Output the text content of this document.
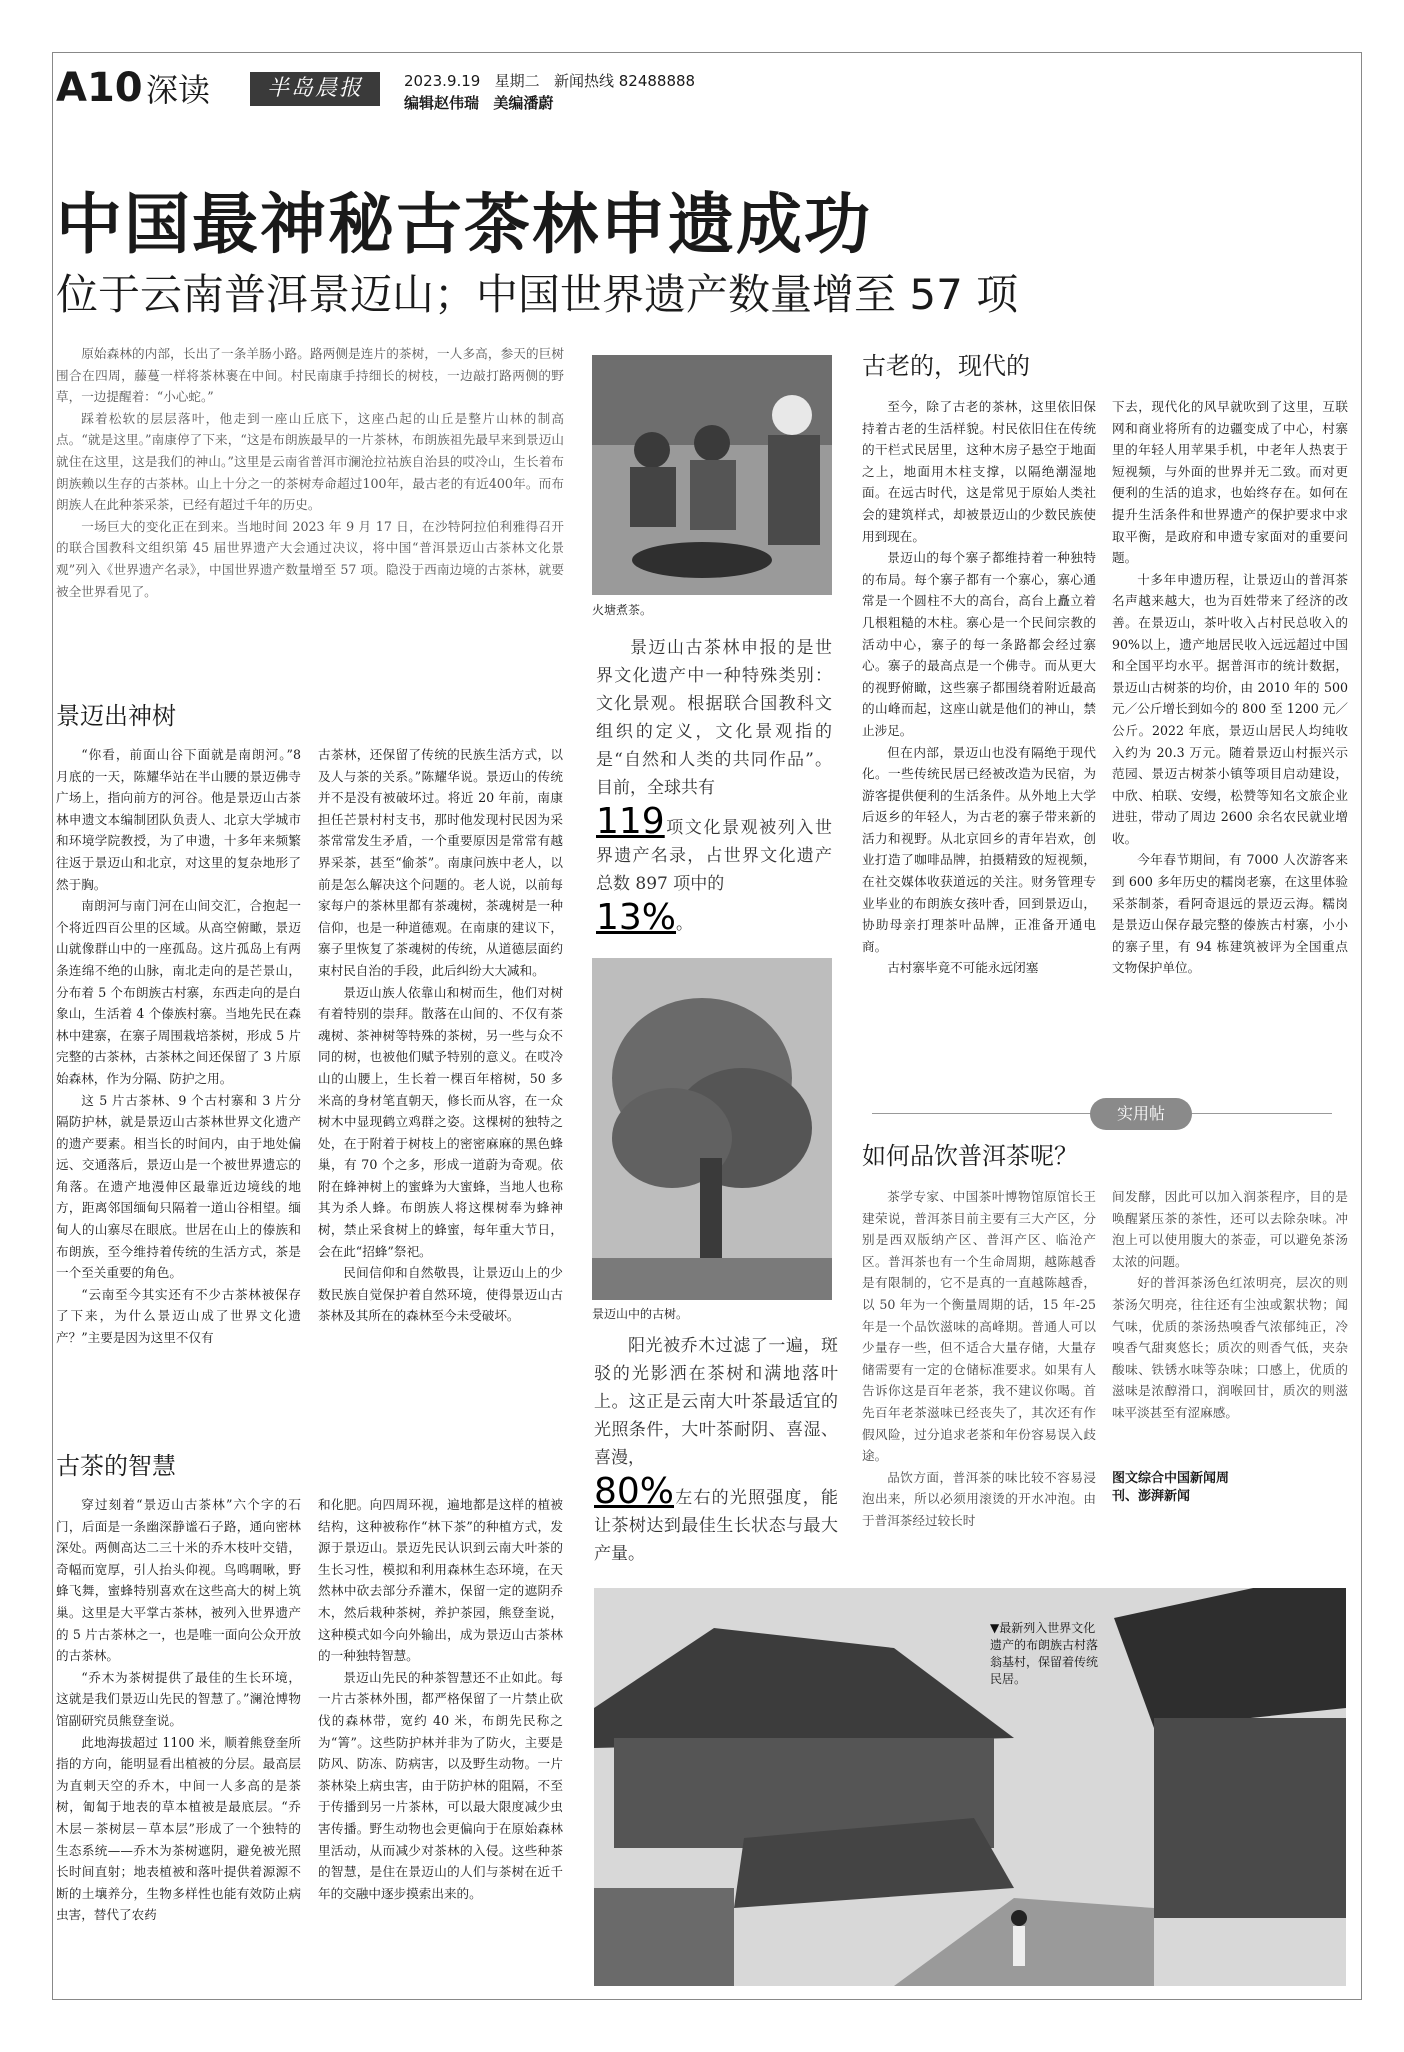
A10 深读	半岛晨报	2023.9.19 星期二 新闻热线 82488888
编辑赵伟瑞 美编潘蔚
中国最神秘古茶林申遗成功
位于云南普洱景迈山；中国世界遗产数量增至 57 项

原始森林的内部，长出了一条羊肠小路。路两侧是连片的茶树，一人多高，参天的巨树围合在四周，藤蔓一样将茶林裹在中间。村民南康手持细长的树枝，一边敲打路两侧的野草，一边提醒着：“小心蛇。”

踩着松软的层层落叶，他走到一座山丘底下，这座凸起的山丘是整片山林的制高点。“就是这里。”南康停了下来，“这是布朗族最早的一片茶林，布朗族祖先最早来到景迈山就住在这里，这是我们的神山。”这里是云南省普洱市澜沧拉祜族自治县的哎冷山，生长着布朗族赖以生存的古茶林。山上十分之一的茶树寿命超过100年，最古老的有近400年。而布朗族人在此种茶采茶，已经有超过千年的历史。

一场巨大的变化正在到来。当地时间 2023 年 9 月 17 日，在沙特阿拉伯利雅得召开的联合国教科文组织第 45 届世界遗产大会通过决议，将中国“普洱景迈山古茶林文化景观”列入《世界遗产名录》，中国世界遗产数量增至 57 项。隐没于西南边境的古茶林，就要被全世界看见了。

景迈出神树

“你看，前面山谷下面就是南朗河。”8 月底的一天，陈耀华站在半山腰的景迈佛寺广场上，指向前方的河谷。他是景迈山古茶林申遗文本编制团队负责人、北京大学城市和环境学院教授，为了申遗，十多年来频繁往返于景迈山和北京，对这里的复杂地形了然于胸。

南朗河与南门河在山间交汇，合抱起一个将近四百公里的区域。从高空俯瞰，景迈山就像群山中的一座孤岛。这片孤岛上有两条连绵不绝的山脉，南北走向的是芒景山，分布着 5 个布朗族古村寨，东西走向的是白象山，生活着 4 个傣族村寨。当地先民在森林中建寨，在寨子周围栽培茶树，形成 5 片完整的古茶林，古茶林之间还保留了 3 片原始森林，作为分隔、防护之用。

这 5 片古茶林、9 个古村寨和 3 片分隔防护林，就是景迈山古茶林世界文化遗产的遗产要素。相当长的时间内，由于地处偏远、交通落后，景迈山是一个被世界遗忘的角落。在遗产地漫伸区最靠近边境线的地方，距离邻国缅甸只隔着一道山谷相望。缅甸人的山寨尽在眼底。世居在山上的傣族和布朗族，至今维持着传统的生活方式，茶是一个至关重要的角色。

“云南至今其实还有不少古茶林被保存了下来，为什么景迈山成了世界文化遗产？”主要是因为这里不仅有

古茶林，还保留了传统的民族生活方式，以及人与茶的关系。”陈耀华说。景迈山的传统并不是没有被破坏过。将近 20 年前，南康担任芒景村村支书，那时他发现村民因为采茶常常发生矛盾，一个重要原因是常常有越界采茶，甚至“偷茶”。南康问族中老人，以前是怎么解决这个问题的。老人说，以前每家每户的茶林里都有茶魂树，茶魂树是一种信仰，也是一种道德观。在南康的建议下，寨子里恢复了茶魂树的传统，从道德层面约束村民自治的手段，此后纠纷大大减和。

景迈山族人依靠山和树而生，他们对树有着特别的崇拜。散落在山间的、不仅有茶魂树、茶神树等特殊的茶树，另一些与众不同的树，也被他们赋予特别的意义。在哎冷山的山腰上，生长着一棵百年榕树，50 多米高的身材笔直朝天，修长而从容，在一众树木中显现鹤立鸡群之姿。这棵树的独特之处，在于附着于树枝上的密密麻麻的黑色蜂巢，有 70 个之多，形成一道蔚为奇观。依附在蜂神树上的蜜蜂为大蜜蜂，当地人也称其为杀人蜂。布朗族人将这棵树奉为蜂神树，禁止采食树上的蜂蜜，每年重大节日，会在此“招蜂”祭祀。

民间信仰和自然敬畏，让景迈山上的少数民族自觉保护着自然环境，使得景迈山古茶林及其所在的森林至今未受破坏。

古茶的智慧

穿过刻着“景迈山古茶林”六个字的石门，后面是一条幽深静谧石子路，通向密林深处。两侧高达二三十米的乔木枝叶交错，奇幅而宽厚，引人抬头仰视。鸟鸣啁啾，野蜂飞舞，蜜蜂特别喜欢在这些高大的树上筑巢。这里是大平掌古茶林，被列入世界遗产的 5 片古茶林之一，也是唯一面向公众开放的古茶林。

“乔木为茶树提供了最佳的生长环境，这就是我们景迈山先民的智慧了。”澜沧博物馆副研究员熊登奎说。

此地海拔超过 1100 米，顺着熊登奎所指的方向，能明显看出植被的分层。最高层为直刺天空的乔木，中间一人多高的是茶树，匍匐于地表的草本植被是最底层。“乔木层－茶树层－草本层”形成了一个独特的生态系统——乔木为茶树遮阴，避免被光照长时间直射；地表植被和落叶提供着源源不断的土壤养分，生物多样性也能有效防止病虫害，替代了农药

和化肥。向四周环视，遍地都是这样的植被结构，这种被称作“林下茶”的种植方式，发源于景迈山。景迈先民认识到云南大叶茶的生长习性，模拟和利用森林生态环境，在天然林中砍去部分乔灌木，保留一定的遮阴乔木，然后栽种茶树，养护茶园，熊登奎说，这种模式如今向外输出，成为景迈山古茶林的一种独特智慧。

景迈山先民的种茶智慧还不止如此。每一片古茶林外围，都严格保留了一片禁止砍伐的森林带，宽约 40 米，布朗先民称之为“箐”。这些防护林并非为了防火，主要是防风、防冻、防病害，以及野生动物。一片茶林染上病虫害，由于防护林的阻隔，不至于传播到另一片茶林，可以最大限度减少虫害传播。野生动物也会更偏向于在原始森林里活动，从而减少对茶林的入侵。这些种茶的智慧，是住在景迈山的人们与茶树在近千年的交融中逐步摸索出来的。

火塘煮茶。

景迈山古茶林申报的是世界文化遗产中一种特殊类别：文化景观。根据联合国教科文组织的定义，文化景观指的是“自然和人类的共同作品”。目前，全球共有
119项文化景观被列入世界遗产名录，占世界文化遗产总数 897 项中的
13%。

景迈山中的古树。

阳光被乔木过滤了一遍，斑驳的光影洒在茶树和满地落叶上。这正是云南大叶茶最适宜的光照条件，大叶茶耐阴、喜湿、喜漫，
80%左右的光照强度，能让茶树达到最佳生长状态与最大产量。

古老的，现代的

至今，除了古老的茶林，这里依旧保持着古老的生活样貌。村民依旧住在传统的干栏式民居里，这种木房子悬空于地面之上，地面用木柱支撑，以隔绝潮湿地面。在远古时代，这是常见于原始人类社会的建筑样式，却被景迈山的少数民族使用到现在。

景迈山的每个寨子都维持着一种独特的布局。每个寨子都有一个寨心，寨心通常是一个圆柱不大的高台，高台上矗立着几根粗糙的木柱。寨心是一个民间宗教的活动中心，寨子的每一条路都会经过寨心。寨子的最高点是一个佛寺。而从更大的视野俯瞰，这些寨子都围绕着附近最高的山峰而起，这座山就是他们的神山，禁止涉足。

但在内部，景迈山也没有隔绝于现代化。一些传统民居已经被改造为民宿，为游客提供便利的生活条件。从外地上大学后返乡的年轻人，为古老的寨子带来新的活力和视野。从北京回乡的青年岩欢，创业打造了咖啡品牌，拍摄精致的短视频，在社交媒体收获道远的关注。财务管理专业毕业的布朗族女孩叶香，回到景迈山，协助母亲打理茶叶品牌，正准备开通电商。

古村寨毕竟不可能永远闭塞

下去，现代化的风早就吹到了这里，互联网和商业将所有的边疆变成了中心，村寨里的年轻人用苹果手机，中老年人热衷于短视频，与外面的世界并无二致。而对更便利的生活的追求，也始终存在。如何在提升生活条件和世界遗产的保护要求中求取平衡，是政府和申遗专家面对的重要问题。

十多年申遗历程，让景迈山的普洱茶名声越来越大，也为百姓带来了经济的改善。在景迈山，茶叶收入占村民总收入的 90%以上，遗产地居民收入远远超过中国和全国平均水平。据普洱市的统计数据，景迈山古树茶的均价，由 2010 年的 500 元／公斤增长到如今的 800 至 1200 元／公斤。2022 年底，景迈山居民人均纯收入约为 20.3 万元。随着景迈山村振兴示范园、景迈古树茶小镇等项目启动建设，中欣、柏联、安缦，松赞等知名文旅企业进驻，带动了周边 2600 余名农民就业增收。

今年春节期间，有 7000 人次游客来到 600 多年历史的糯岗老寨，在这里体验采茶制茶，看阿奇退远的景迈云海。糯岗是景迈山保存最完整的傣族古村寨，小小的寨子里，有 94 栋建筑被评为全国重点文物保护单位。

实用帖
如何品饮普洱茶呢？

茶学专家、中国茶叶博物馆原馆长王建荣说，普洱茶目前主要有三大产区，分别是西双版纳产区、普洱产区、临沧产区。普洱茶也有一个生命周期，越陈越香是有限制的，它不是真的一直越陈越香，以 50 年为一个衡量周期的话，15 年-25 年是一个品饮滋味的高峰期。普通人可以少量存一些，但不适合大量存储，大量存储需要有一定的仓储标准要求。如果有人告诉你这是百年老茶，我不建议你喝。首先百年老茶滋味已经丧失了，其次还有作假风险，过分追求老茶和年份容易误入歧途。

品饮方面，普洱茶的味比较不容易浸泡出来，所以必须用滚烫的开水冲泡。由于普洱茶经过较长时

间发酵，因此可以加入润茶程序，目的是唤醒紧压茶的茶性，还可以去除杂味。冲泡上可以使用腹大的茶壶，可以避免茶汤太浓的问题。

好的普洱茶汤色红浓明亮，层次的则茶汤欠明亮，往往还有尘浊或絮状物；闻气味，优质的茶汤热嗅香气浓郁纯正，冷嗅香气甜爽悠长；质次的则香气低，夹杂酸味、铁锈水味等杂味；口感上，优质的滋味是浓醇滑口，润喉回甘，质次的则滋味平淡甚至有涩麻感。

图文综合中国新闻周刊、澎湃新闻
▼最新列入世界文化遗产的布朗族古村落翁基村，保留着传统民居。
